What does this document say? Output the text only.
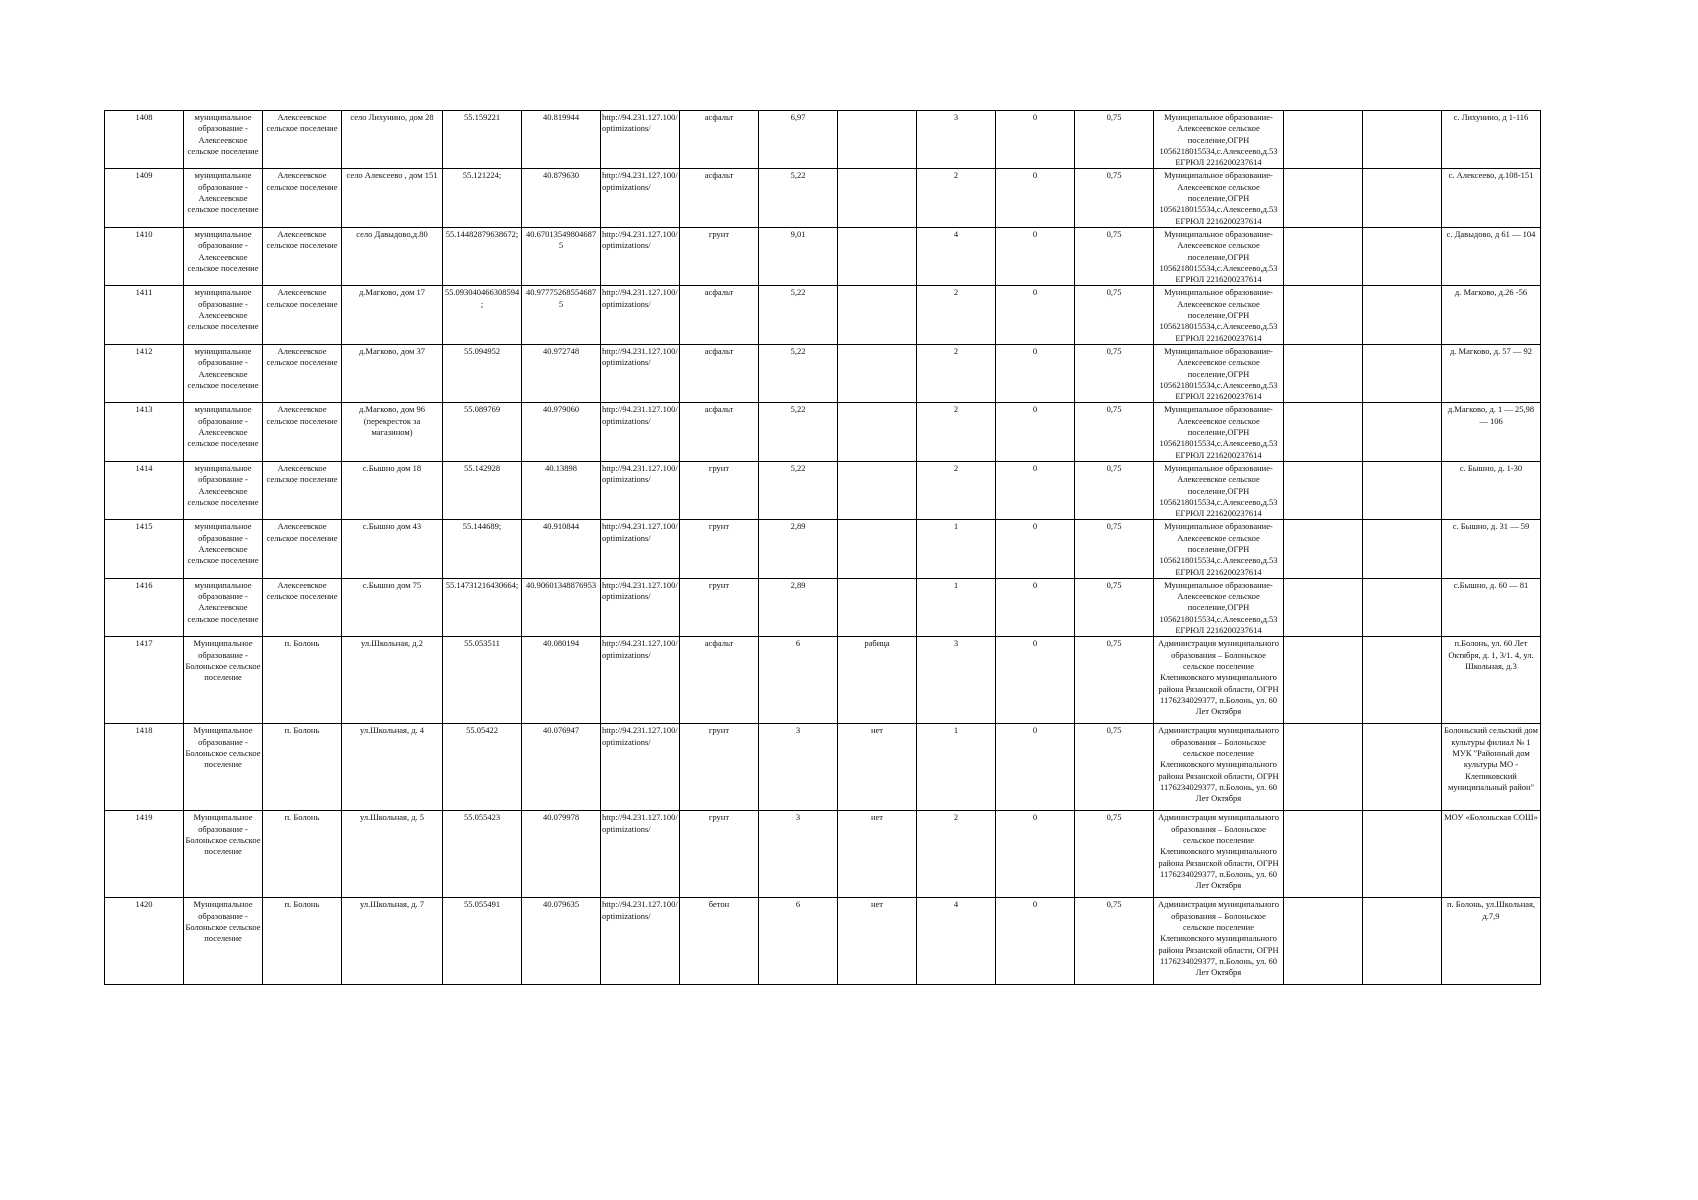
1408	муниципальное образование - Алексеевское сельское поселение	Алексеевское сельское поселение	село Лихунино, дом 28	55.159221	40.819944	http://94.231.127.100/optimizations/	асфальт	6,97		3	0	0,75	Муниципальное образование-Алексеевское сельское поселение,ОГРН 1056218015534,с.Алексеево,д.53 ЕГРЮЛ 2216200237614			с. Лихунино, д 1-116
1409	муниципальное образование - Алексеевское сельское поселение	Алексеевское сельское поселение	село Алексеево , дом 151	55.121224;	40.879630	http://94.231.127.100/optimizations/	асфальт	5,22		2	0	0,75	Муниципальное образование-Алексеевское сельское поселение,ОГРН 1056218015534,с.Алексеево,д.53 ЕГРЮЛ 2216200237614			с. Алексеево, д.108-151
1410	муниципальное образование - Алексеевское сельское поселение	Алексеевское сельское поселение	село Давыдово,д.80	55.14482879638672;	40.67013549804687 5	http://94.231.127.100/optimizations/	грунт	9,01		4	0	0,75	Муниципальное образование-Алексеевское сельское поселение,ОГРН 1056218015534,с.Алексеево,д.53 ЕГРЮЛ 2216200237614			с. Давыдово, д 61 — 104
1411	муниципальное образование - Алексеевское сельское поселение	Алексеевское сельское поселение	д.Магково, дом 17	55.093040466308594;	40.97775268554687 5	http://94.231.127.100/optimizations/	асфальт	5,22		2	0	0,75	Муниципальное образование-Алексеевское сельское поселение,ОГРН 1056218015534,с.Алексеево,д.53 ЕГРЮЛ 2216200237614			д. Магково, д.26 -56
1412	муниципальное образование - Алексеевское сельское поселение	Алексеевское сельское поселение	д.Магково, дом 37	55.094952	40.972748	http://94.231.127.100/optimizations/	асфальт	5,22		2	0	0,75	Муниципальное образование-Алексеевское сельское поселение,ОГРН 1056218015534,с.Алексеево,д.53 ЕГРЮЛ 2216200237614			д. Магково, д. 57 — 92
1413	муниципальное образование - Алексеевское сельское поселение	Алексеевское сельское поселение	д.Магково, дом 96 (перекресток за магазином)	55.089769	40.979060	http://94.231.127.100/optimizations/	асфальт	5,22		2	0	0,75	Муниципальное образование-Алексеевское сельское поселение,ОГРН 1056218015534,с.Алексеево,д.53 ЕГРЮЛ 2216200237614			д.Магково, д. 1 — 25,98 — 106
1414	муниципальное образование - Алексеевское сельское поселение	Алексеевское сельское поселение	с.Бышно дом 18	55.142928	40.13898	http://94.231.127.100/optimizations/	грунт	5,22		2	0	0,75	Муниципальное образование-Алексеевское сельское поселение,ОГРН 1056218015534,с.Алексеево,д.53 ЕГРЮЛ 2216200237614			с. Бышно, д. 1-30
1415	муниципальное образование - Алексеевское сельское поселение	Алексеевское сельское поселение	с.Бышно дом 43	55.144689;	40.910844	http://94.231.127.100/optimizations/	грунт	2,89		1	0	0,75	Муниципальное образование-Алексеевское сельское поселение,ОГРН 1056218015534,с.Алексеево,д.53 ЕГРЮЛ 2216200237614			с. Бышно, д. 31 — 59
1416	муниципальное образование - Алексеевское сельское поселение	Алексеевское сельское поселение	с.Бышно дом 75	55.14731216430664;	40.90601348876953	http://94.231.127.100/optimizations/	грунт	2,89		1	0	0,75	Муниципальное образование-Алексеевское сельское поселение,ОГРН 1056218015534,с.Алексеево,д.53 ЕГРЮЛ 2216200237614			с.Бышно, д. 60 — 81
1417	Муниципальное образование - Болоньское сельское поселение	п. Болонь	ул.Школьная, д.2	55.053511	40.080194	http://94.231.127.100/optimizations/	асфальт	6	рабица	3	0	0,75	Администрация муниципального образования – Болоньское сельское поселение Клепиковского муниципального района Рязанской области, ОГРН 1176234029377, п.Болонь, ул. 60 Лет Октября			п.Болонь, ул. 60 Лет Октября, д. 1, 3/1. 4, ул. Школьная, д.3
1418	Муниципальное образование - Болоньское сельское поселение	п. Болонь	ул.Школьная, д. 4	55.05422	40.076947	http://94.231.127.100/optimizations/	грунт	3	нет	1	0	0,75	Администрация муниципального образования – Болоньское сельское поселение Клепиковского муниципального района Рязанской области, ОГРН 1176234029377, п.Болонь, ул. 60 Лет Октября			Болоньский сельский дом культуры филиал № 1 МУК "Районный дом культуры МО - Клепиковский муниципальный район"
1419	Муниципальное образование - Болоньское сельское поселение	п. Болонь	ул.Школьная, д. 5	55.055423	40.079978	http://94.231.127.100/optimizations/	грунт	3	нет	2	0	0,75	Администрация муниципального образования – Болоньское сельское поселение Клепиковского муниципального района Рязанской области, ОГРН 1176234029377, п.Болонь, ул. 60 Лет Октября			МОУ «Болоньская СОШ»
1420	Муниципальное образование - Болоньское сельское поселение	п. Болонь	ул.Школьная, д. 7	55.055491	40.079635	http://94.231.127.100/optimizations/	бетон	6	нет	4	0	0,75	Администрация муниципального образования – Болоньское сельское поселение Клепиковского муниципального района Рязанской области, ОГРН 1176234029377, п.Болонь, ул. 60 Лет Октября			п. Болонь, ул.Школьная, д.7,9
